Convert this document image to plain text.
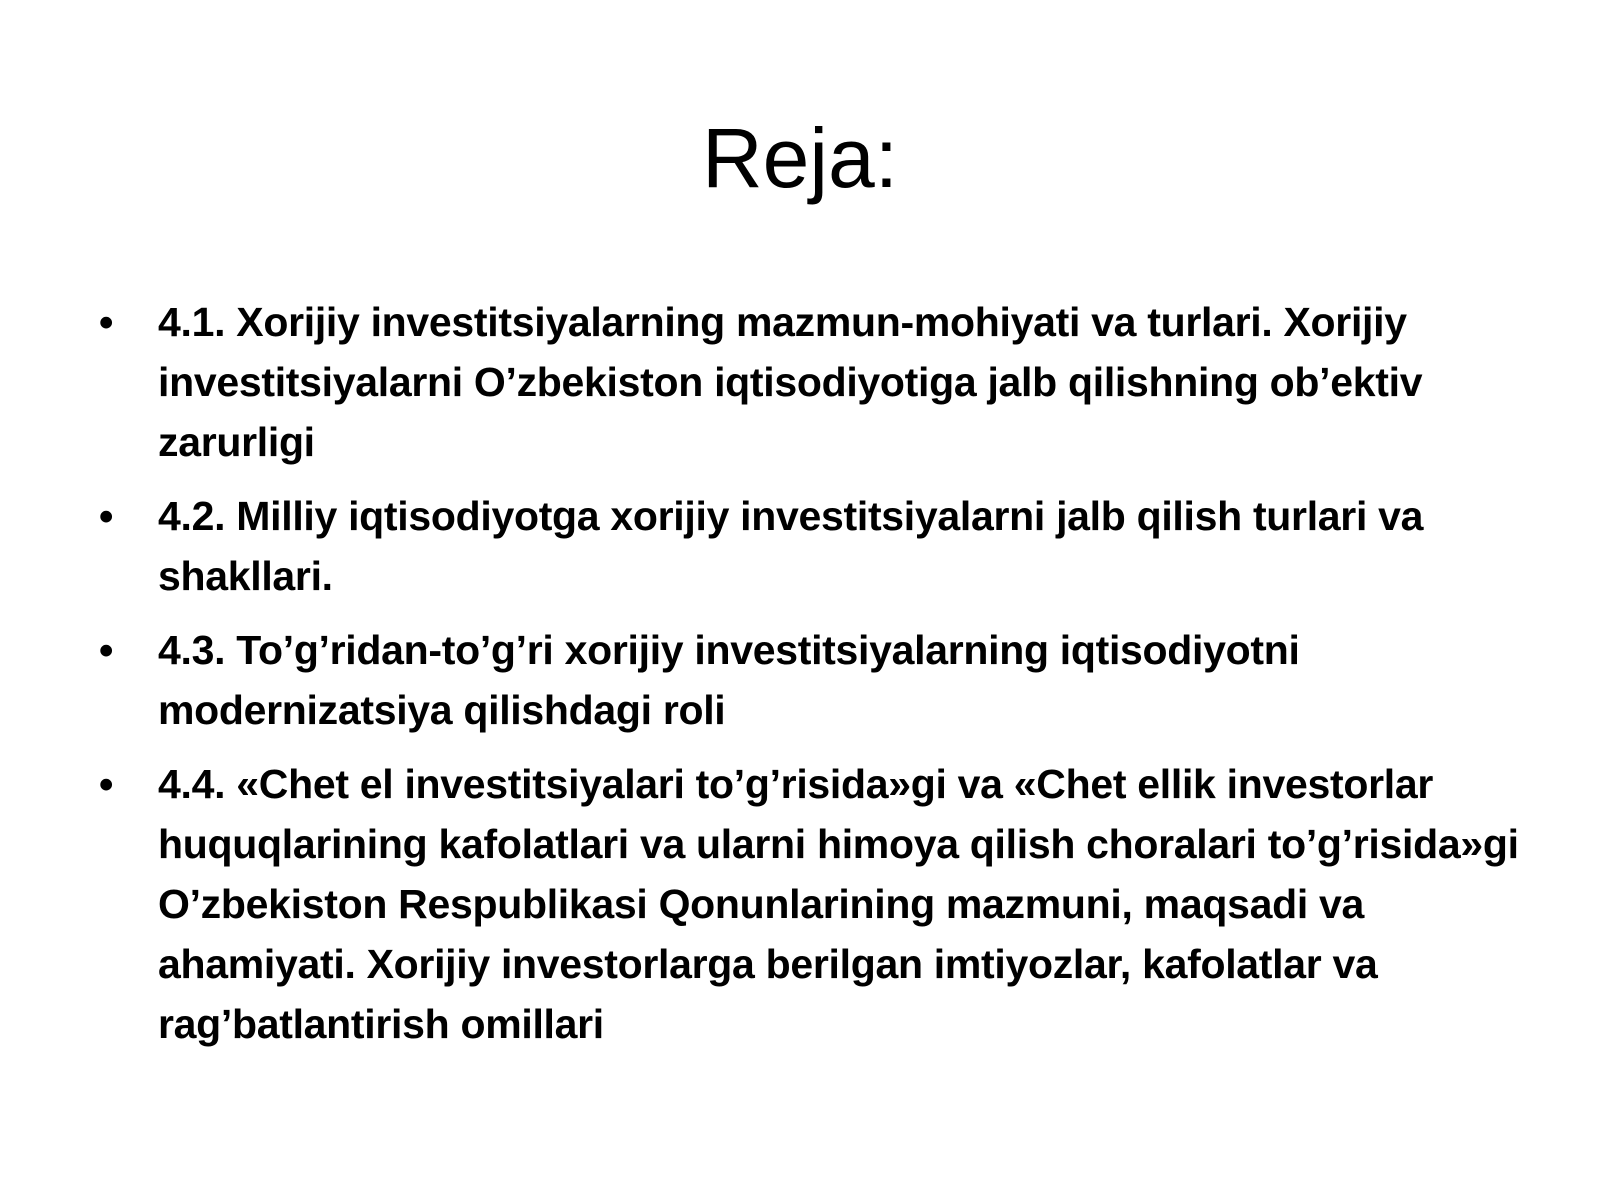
Reja:
• 4.1. Xorijiy investitsiyalarning mazmun-mohiyati va turlari. Xorijiy investitsiyalarni O’zbekiston iqtisodiyotiga jalb qilishning ob’ektiv zarurligi
• 4.2. Milliy iqtisodiyotga xorijiy investitsiyalarni jalb qilish turlari va shakllari.
• 4.3. To’g’ridan-to’g’ri xorijiy investitsiyalarning iqtisodiyotni modernizatsiya qilishdagi roli
• 4.4. «Chet el investitsiyalari to’g’risida»gi va «Chet ellik investorlar huquqlarining kafolatlari va ularni himoya qilish choralari to’g’risida»gi O’zbekiston Respublikasi Qonunlarining mazmuni, maqsadi va ahamiyati. Xorijiy investorlarga berilgan imtiyozlar, kafolatlar va rag’batlantirish omillari
